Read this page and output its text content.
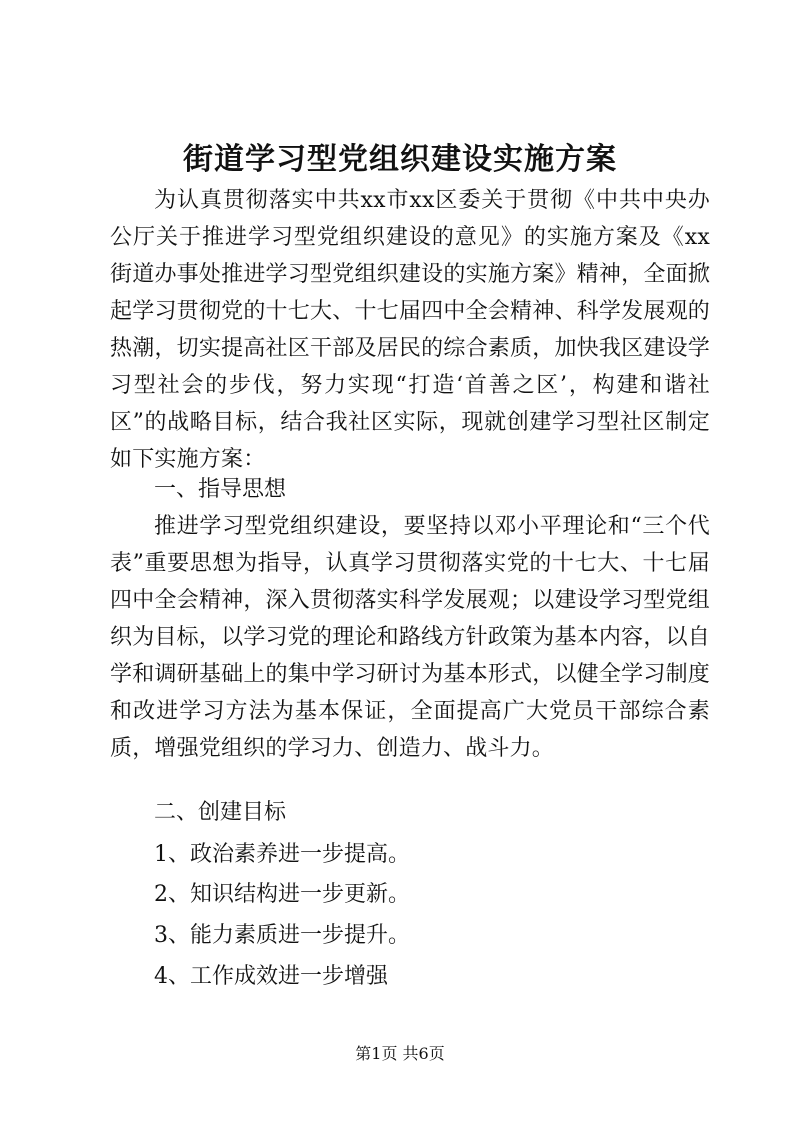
街道学习型党组织建设实施方案

为认真贯彻落实中共xx市xx区委关于贯彻《中共中央办公厅关于推进学习型党组织建设的意见》的实施方案及《xx街道办事处推进学习型党组织建设的实施方案》精神，全面掀起学习贯彻党的十七大、十七届四中全会精神、科学发展观的热潮，切实提高社区干部及居民的综合素质，加快我区建设学习型社会的步伐，努力实现“打造‘首善之区’，构建和谐社区”的战略目标，结合我社区实际，现就创建学习型社区制定如下实施方案：

一、指导思想

推进学习型党组织建设，要坚持以邓小平理论和“三个代表”重要思想为指导，认真学习贯彻落实党的十七大、十七届四中全会精神，深入贯彻落实科学发展观；以建设学习型党组织为目标，以学习党的理论和路线方针政策为基本内容，以自学和调研基础上的集中学习研讨为基本形式，以健全学习制度和改进学习方法为基本保证，全面提高广大党员干部综合素质，增强党组织的学习力、创造力、战斗力。

二、创建目标
1、政治素养进一步提高。
2、知识结构进一步更新。
3、能力素质进一步提升。
4、工作成效进一步增强
第1页 共6页
